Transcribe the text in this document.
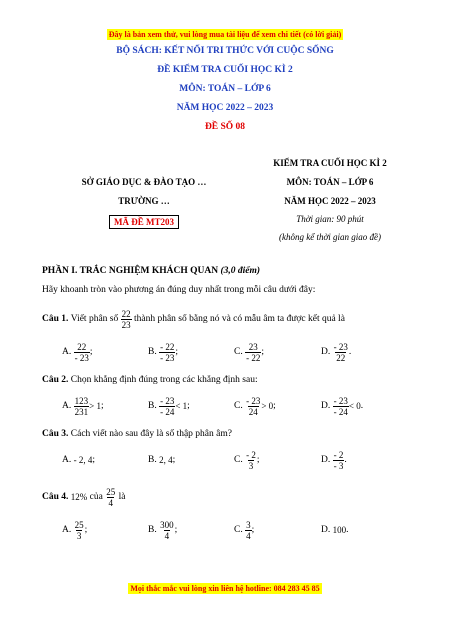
Đây là bản xem thử, vui lòng mua tài liệu để xem chi tiết (có lời giải)
BỘ SÁCH: KẾT NỐI TRI THỨC VỚI CUỘC SỐNG
ĐỀ KIỂM TRA CUỐI HỌC KÌ 2
MÔN: TOÁN – LỚP 6
NĂM HỌC 2022 – 2023
ĐỀ SỐ 08
SỞ GIÁO DỤC & ĐÀO TẠO …
TRƯỜNG …
MÃ ĐỀ MT203
KIỂM TRA CUỐI HỌC KÌ 2
MÔN: TOÁN – LỚP 6
NĂM HỌC 2022 – 2023
Thời gian: 90 phút
(không kể thời gian giao đề)
PHẦN I. TRẮC NGHIỆM KHÁCH QUAN (3,0 điểm)
Hãy khoanh tròn vào phương án đúng duy nhất trong mỗi câu dưới đây:
Câu 1.
Viết phân số
$\frac{22}{23}$
thành phân số bằng nó và có mẫu âm ta được kết quả là
A.
$\frac{22}{- 23}$ ;	B.
$\frac{- 22}{- 23}$ ;	C.
$\frac{23}{- 22}$ ;	D.
$\frac{- 23}{22}$ .
Câu 2. Chọn khẳng định đúng trong các khẳng định sau:
A.
$\frac{123}{231} > 1$ ;	B.
$\frac{- 23}{- 24} < 1$ ;	C.
$\frac{- 23}{24} > 0$ ;	D.
$\frac{- 23}{- 24} < 0$ .
Câu 3. Cách viết nào sau đây là số thập phân âm?
A.
- 2, 4 ;	B.
2, 4 ;	C.
$\frac{- 2}{3}$ ;	D.
$\frac{- 2}{- 3}$ .
Câu 4.
12%
của
$\frac{25}{4}$
là
A.
$\frac{25}{3}$ ;	B.
$\frac{300}{4}$ ;	C.
$\frac{3}{4}$ ;	D.
100 .
Mọi thắc mắc vui lòng xin liên hệ hotline: 084 283 45 85
